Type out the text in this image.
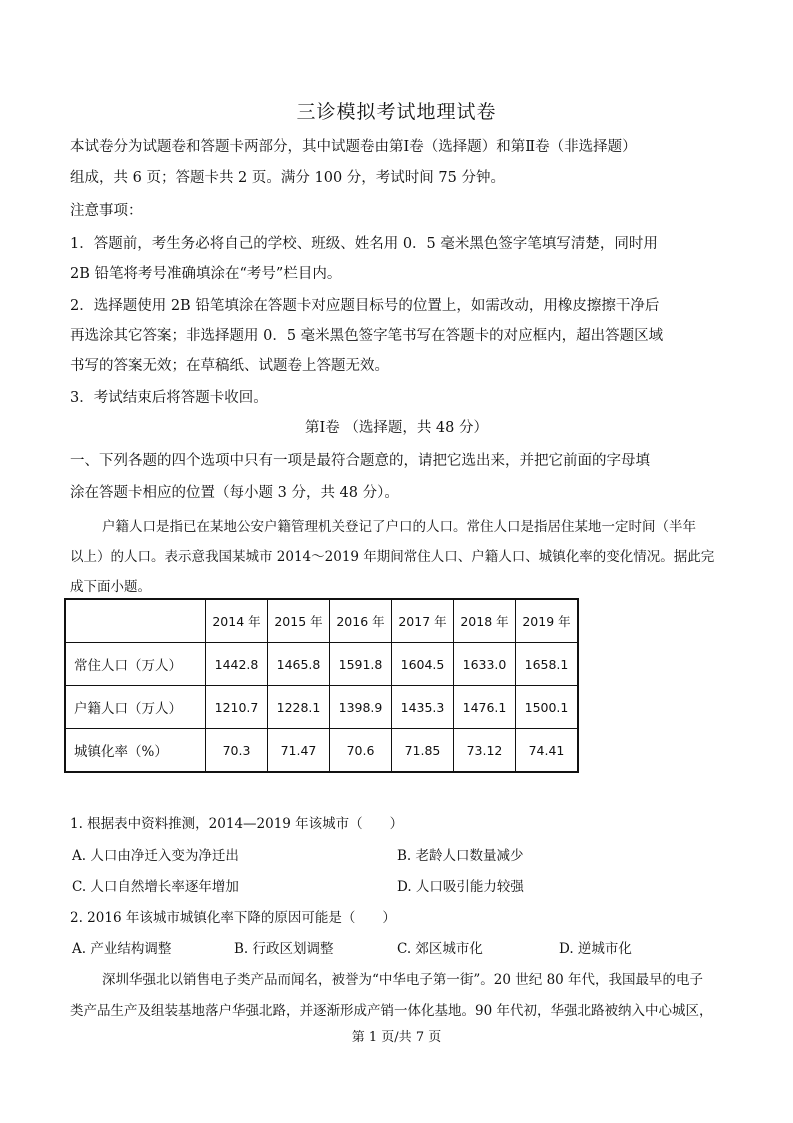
三诊模拟考试地理试卷
本试卷分为试题卷和答题卡两部分，其中试题卷由第Ⅰ卷（选择题）和第Ⅱ卷（非选择题）
组成，共 6 页；答题卡共 2 页。满分 100 分，考试时间 75 分钟。
注意事项：
1．答题前，考生务必将自己的学校、班级、姓名用 0．5 毫米黑色签字笔填写清楚，同时用
2B 铅笔将考号准确填涂在“考号”栏目内。
2．选择题使用 2B 铅笔填涂在答题卡对应题目标号的位置上，如需改动，用橡皮擦擦干净后
再选涂其它答案；非选择题用 0．5 毫米黑色签字笔书写在答题卡的对应框内，超出答题区域
书写的答案无效；在草稿纸、试题卷上答题无效。
3．考试结束后将答题卡收回。
第Ⅰ卷 （选择题，共 48 分）
一、下列各题的四个选项中只有一项是最符合题意的，请把它选出来，并把它前面的字母填
涂在答题卡相应的位置（每小题 3 分，共 48 分）。
户籍人口是指已在某地公安户籍管理机关登记了户口的人口。常住人口是指居住某地一定时间（半年
以上）的人口。表示意我国某城市 2014～2019 年期间常住人口、户籍人口、城镇化率的变化情况。据此完
成下面小题。
	2014 年	2015 年	2016 年	2017 年	2018 年	2019 年
常住人口（万人）	1442.8	1465.8	1591.8	1604.5	1633.0	1658.1
户籍人口（万人）	1210.7	1228.1	1398.9	1435.3	1476.1	1500.1
城镇化率（%）	70.3	71.47	70.6	71.85	73.12	74.41
1. 根据表中资料推测，2014—2019 年该城市（　　）
A. 人口由净迁入变为净迁出	B. 老龄人口数量减少
C. 人口自然增长率逐年增加	D. 人口吸引能力较强
2. 2016 年该城市城镇化率下降的原因可能是（　　）
A. 产业结构调整	B. 行政区划调整	C. 郊区城市化	D. 逆城市化
深圳华强北以销售电子类产品而闻名，被誉为“中华电子第一街”。20 世纪 80 年代，我国最早的电子
类产品生产及组装基地落户华强北路，并逐渐形成产销一体化基地。90 年代初，华强北路被纳入中心城区，
第 1 页/共 7 页
